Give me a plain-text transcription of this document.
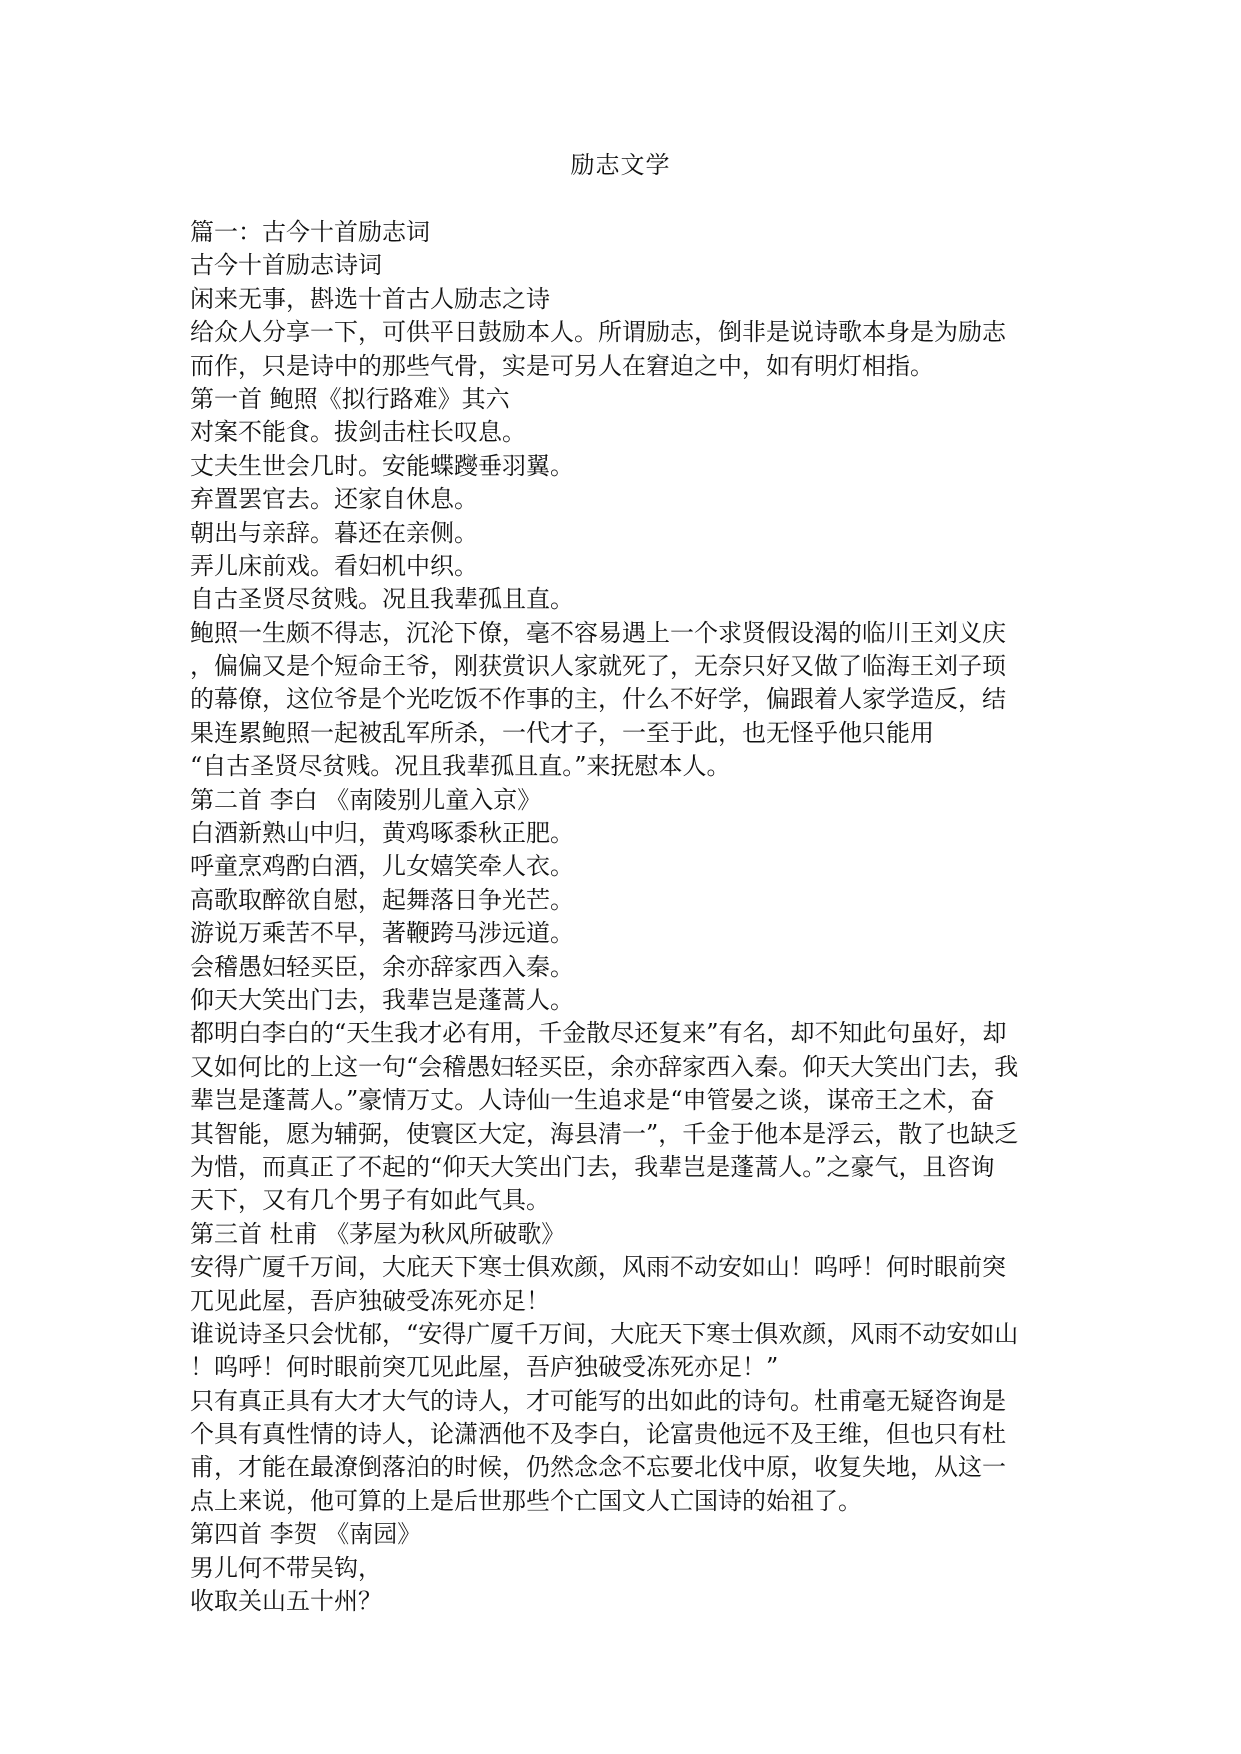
励志文学
篇一：古今十首励志词
古今十首励志诗词
闲来无事，斟选十首古人励志之诗
给众人分享一下，可供平日鼓励本人。所谓励志，倒非是说诗歌本身是为励志
而作，只是诗中的那些气骨，实是可另人在窘迫之中，如有明灯相指。
第一首 鲍照《拟行路难》其六
对案不能食。拔剑击柱长叹息。
丈夫生世会几时。安能蝶躞垂羽翼。
弃置罢官去。还家自休息。
朝出与亲辞。暮还在亲侧。
弄儿床前戏。看妇机中织。
自古圣贤尽贫贱。况且我辈孤且直。
鲍照一生颇不得志，沉沦下僚，毫不容易遇上一个求贤假设渴的临川王刘义庆
，偏偏又是个短命王爷，刚获赏识人家就死了，无奈只好又做了临海王刘子顼
的幕僚，这位爷是个光吃饭不作事的主，什么不好学，偏跟着人家学造反，结
果连累鲍照一起被乱军所杀，一代才子，一至于此，也无怪乎他只能用
“自古圣贤尽贫贱。况且我辈孤且直。”来抚慰本人。
第二首 李白 《南陵别儿童入京》
白酒新熟山中归，黄鸡啄黍秋正肥。
呼童烹鸡酌白酒，儿女嬉笑牵人衣。
高歌取醉欲自慰，起舞落日争光芒。
游说万乘苦不早，著鞭跨马涉远道。
会稽愚妇轻买臣，余亦辞家西入秦。
仰天大笑出门去，我辈岂是蓬蒿人。
都明白李白的“天生我才必有用，千金散尽还复来”有名，却不知此句虽好，却
又如何比的上这一句“会稽愚妇轻买臣，余亦辞家西入秦。仰天大笑出门去，我
辈岂是蓬蒿人。”豪情万丈。人诗仙一生追求是“申管晏之谈，谋帝王之术，奋
其智能，愿为辅弼，使寰区大定，海县清一”，千金于他本是浮云，散了也缺乏
为惜，而真正了不起的“仰天大笑出门去，我辈岂是蓬蒿人。”之豪气，且咨询
天下，又有几个男子有如此气具。
第三首 杜甫 《茅屋为秋风所破歌》
安得广厦千万间，大庇天下寒士俱欢颜，风雨不动安如山！呜呼！何时眼前突
兀见此屋，吾庐独破受冻死亦足！
谁说诗圣只会忧郁，“安得广厦千万间，大庇天下寒士俱欢颜，风雨不动安如山
！呜呼！何时眼前突兀见此屋，吾庐独破受冻死亦足！”
只有真正具有大才大气的诗人，才可能写的出如此的诗句。杜甫毫无疑咨询是
个具有真性情的诗人，论潇洒他不及李白，论富贵他远不及王维，但也只有杜
甫，才能在最潦倒落泊的时候，仍然念念不忘要北伐中原，收复失地，从这一
点上来说，他可算的上是后世那些个亡国文人亡国诗的始祖了。
第四首 李贺 《南园》
男儿何不带吴钩，
收取关山五十州？
